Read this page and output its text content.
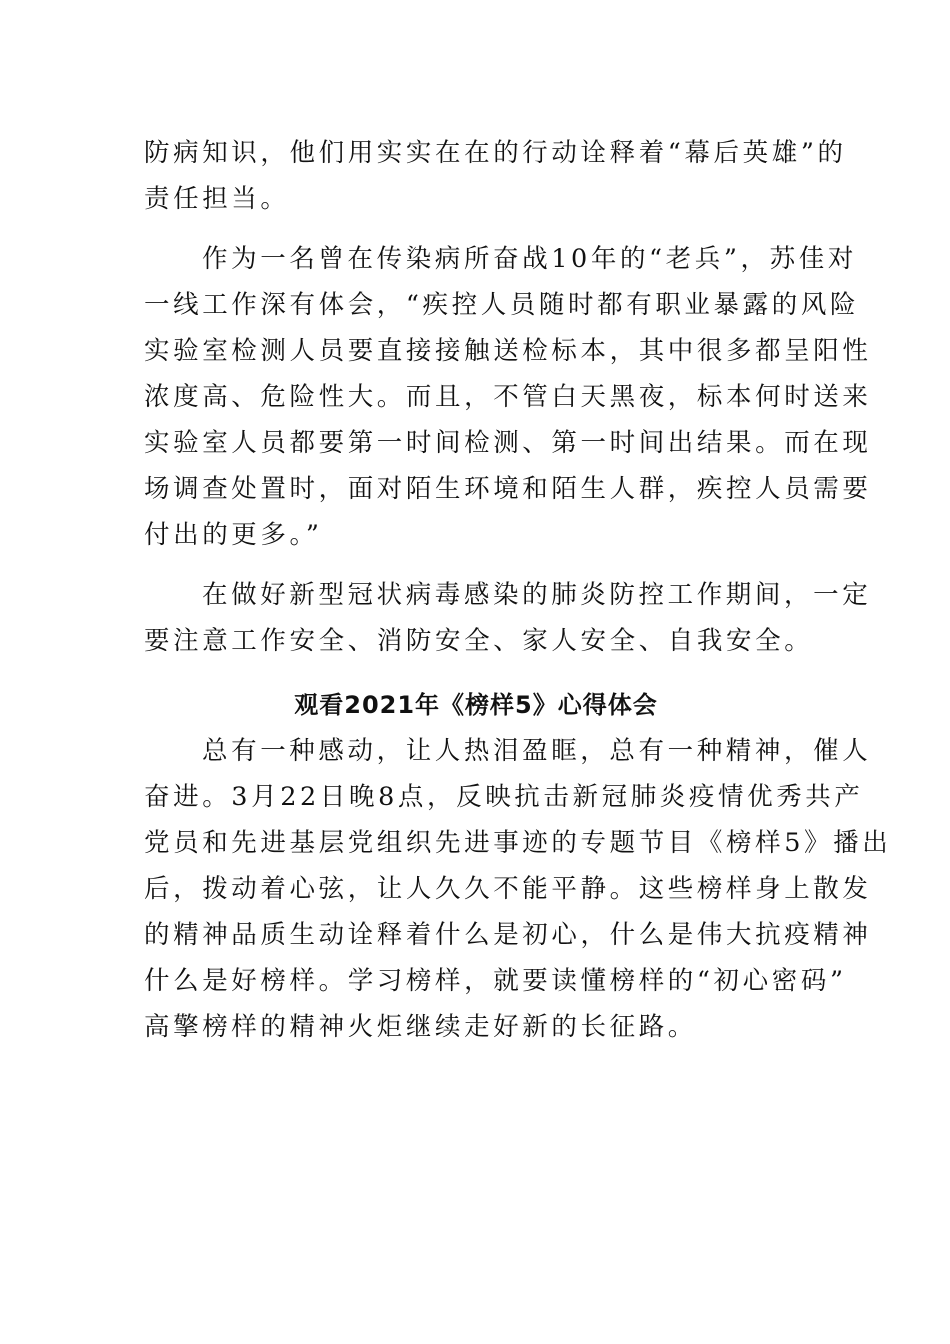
防病知识，他们用实实在在的行动诠释着“幕后英雄”的
责任担当。

作为一名曾在传染病所奋战10年的“老兵”，苏佳对
一线工作深有体会，“疾控人员随时都有职业暴露的风险
实验室检测人员要直接接触送检标本，其中很多都呈阳性
浓度高、危险性大。而且，不管白天黑夜，标本何时送来
实验室人员都要第一时间检测、第一时间出结果。而在现
场调查处置时，面对陌生环境和陌生人群，疾控人员需要
付出的更多。”

在做好新型冠状病毒感染的肺炎防控工作期间，一定
要注意工作安全、消防安全、家人安全、自我安全。

观看2021年《榜样5》心得体会

总有一种感动，让人热泪盈眶，总有一种精神，催人
奋进。3月22日晚8点，反映抗击新冠肺炎疫情优秀共产
党员和先进基层党组织先进事迹的专题节目《榜样5》播出
后，拨动着心弦，让人久久不能平静。这些榜样身上散发
的精神品质生动诠释着什么是初心，什么是伟大抗疫精神
什么是好榜样。学习榜样，就要读懂榜样的“初心密码”
高擎榜样的精神火炬继续走好新的长征路。
